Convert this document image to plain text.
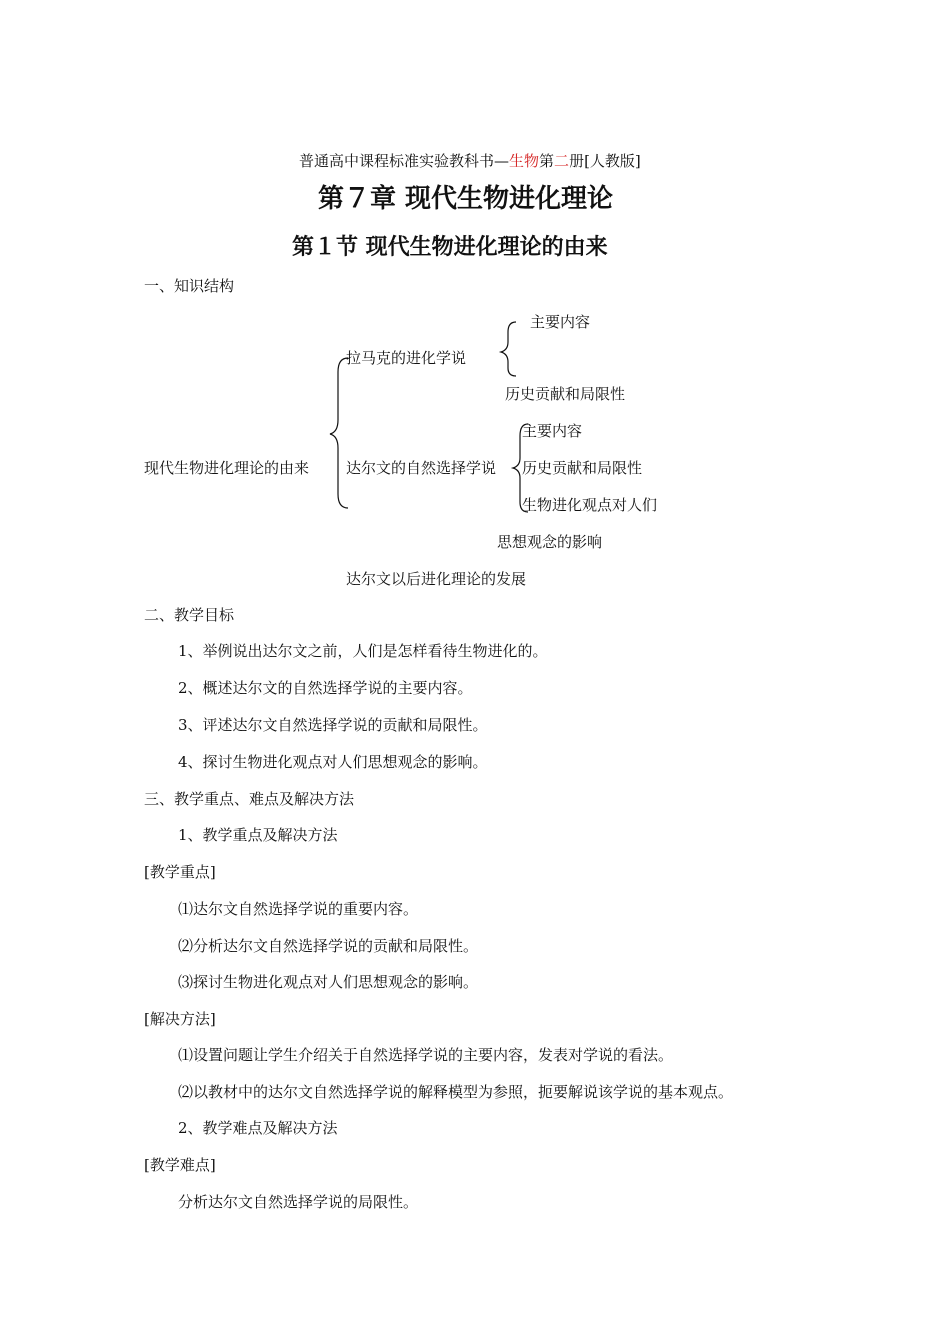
普通高中课程标准实验教科书—生物第二册[人教版]
第７章 现代生物进化理论
第１节 现代生物进化理论的由来
一、知识结构
主要内容
拉马克的进化学说
历史贡献和局限性
主要内容
现代生物进化理论的由来 达尔文的自然选择学说 历史贡献和局限性
生物进化观点对人们
思想观念的影响
达尔文以后进化理论的发展
二、教学目标
1、举例说出达尔文之前，人们是怎样看待生物进化的。
2、概述达尔文的自然选择学说的主要内容。
3、评述达尔文自然选择学说的贡献和局限性。
4、探讨生物进化观点对人们思想观念的影响。
三、教学重点、难点及解决方法
1、教学重点及解决方法
[教学重点]
⑴达尔文自然选择学说的重要内容。
⑵分析达尔文自然选择学说的贡献和局限性。
⑶探讨生物进化观点对人们思想观念的影响。
[解决方法]
⑴设置问题让学生介绍关于自然选择学说的主要内容，发表对学说的看法。
⑵以教材中的达尔文自然选择学说的解释模型为参照，扼要解说该学说的基本观点。
2、教学难点及解决方法
[教学难点]
分析达尔文自然选择学说的局限性。
